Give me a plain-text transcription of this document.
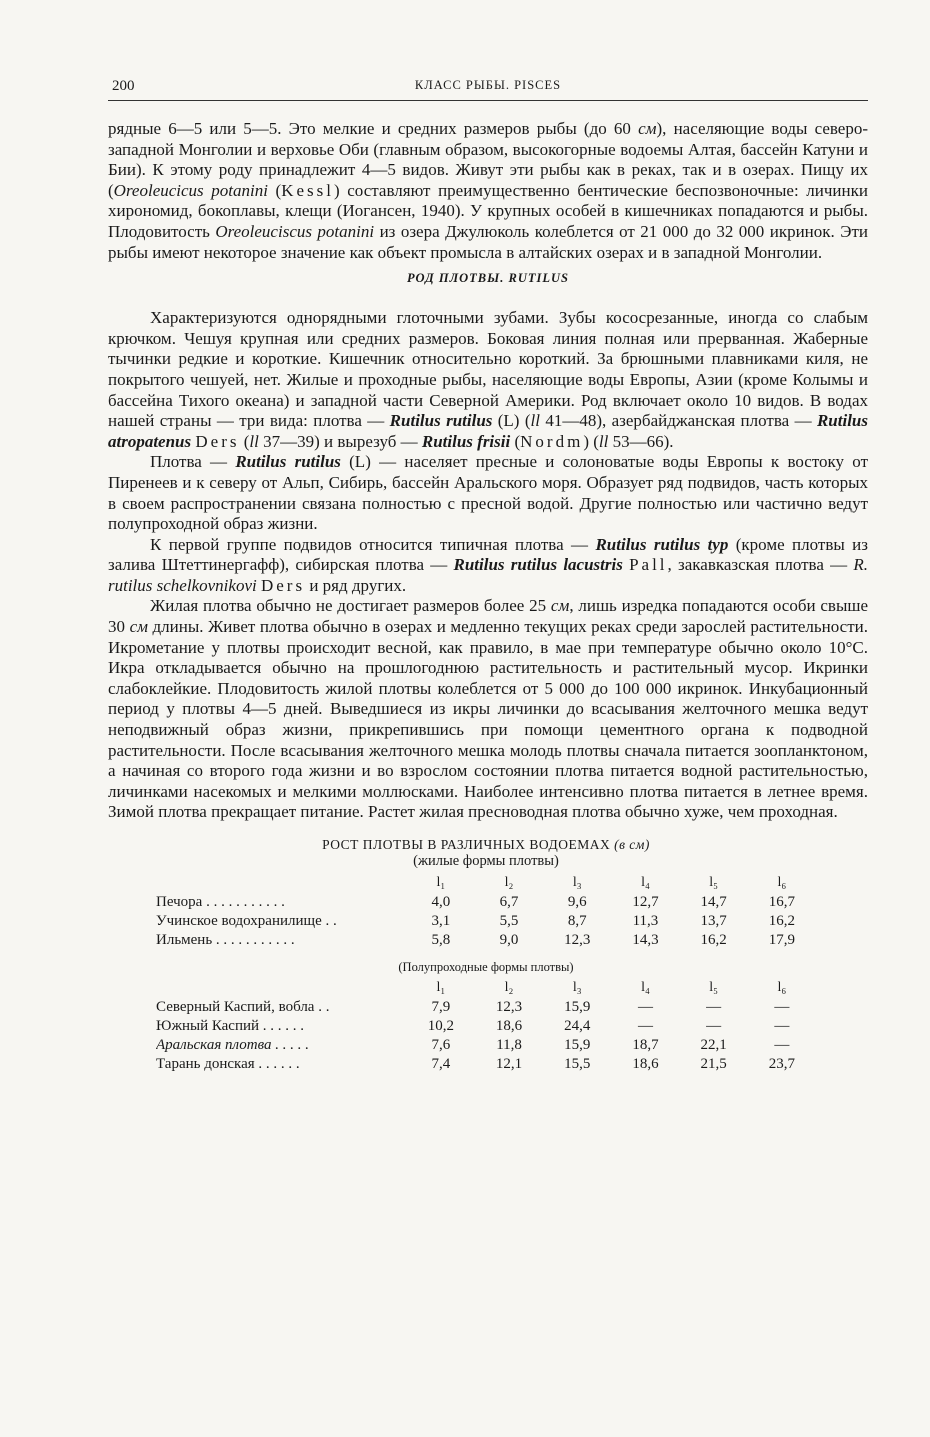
200	КЛАСС РЫБЫ. PISCES

рядные 6—5 или 5—5. Это мелкие и средних размеров рыбы (до 60 см), населяющие воды северо-западной Монголии и верховье Оби (главным образом, высокогорные водоемы Алтая, бассейн Катуни и Бии). К этому роду принадлежит 4—5 видов. Живут эти рыбы как в реках, так и в озерах. Пищу их (Oreoleucicus potanini (Kessl) составляют преимущественно бентические беспозвоночные: личинки хирономид, бокоплавы, клещи (Иогансен, 1940). У крупных особей в кишечниках попадаются и рыбы. Плодовитость Oreoleuciscus potanini из озера Джулюколь колеблется от 21 000 до 32 000 икринок. Эти рыбы имеют некоторое значение как объект промысла в алтайских озерах и в западной Монголии.

РОД ПЛОТВЫ. RUTILUS

Характеризуются однорядными глоточными зубами. Зубы кососрезанные, иногда со слабым крючком. Чешуя крупная или средних размеров. Боковая линия полная или прерванная. Жаберные тычинки редкие и короткие. Кишечник относительно короткий. За брюшными плавниками киля, не покрытого чешуей, нет. Жилые и проходные рыбы, населяющие воды Европы, Азии (кроме Колымы и бассейна Тихого океана) и западной части Северной Америки. Род включает около 10 видов. В водах нашей страны — три вида: плотва — Rutilus rutilus (L) (ll 41—48), азербайджанская плотва — Rutilus atropatenus Ders (ll 37—39) и вырезуб — Rutilus frisii (Nordm) (ll 53—66).

Плотва — Rutilus rutilus (L) — населяет пресные и солоноватые воды Европы к востоку от Пиренеев и к северу от Альп, Сибирь, бассейн Аральского моря. Образует ряд подвидов, часть которых в своем распространении связана полностью с пресной водой. Другие полностью или частично ведут полупроходной образ жизни.

К первой группе подвидов относится типичная плотва — Rutilus rutilus typ (кроме плотвы из залива Штеттинергафф), сибирская плотва — Rutilus rutilus lacustris Pall, закавказская плотва — R. rutilus schelkovnikovi Ders и ряд других.

Жилая плотва обычно не достигает размеров более 25 см, лишь изредка попадаются особи свыше 30 см длины. Живет плотва обычно в озерах и медленно текущих реках среди зарослей растительности. Икрометание у плотвы происходит весной, как правило, в мае при температуре обычно около 10°С. Икра откладывается обычно на прошлогоднюю растительность и растительный мусор. Икринки слабоклейкие. Плодовитость жилой плотвы колеблется от 5 000 до 100 000 икринок. Инкубационный период у плотвы 4—5 дней. Выведшиеся из икры личинки до всасывания желточного мешка ведут неподвижный образ жизни, прикрепившись при помощи цементного органа к подводной растительности. После всасывания желточного мешка молодь плотвы сначала питается зоопланктоном, а начиная со второго года жизни и во взрослом состоянии плотва питается водной растительностью, личинками насекомых и мелкими моллюсками. Наиболее интенсивно плотва питается в летнее время. Зимой плотва прекращает питание. Растет жилая пресноводная плотва обычно хуже, чем проходная.

РОСТ ПЛОТВЫ В РАЗЛИЧНЫХ ВОДОЕМАХ (в см)
(жилые формы плотвы)
	l₁	l₂	l₃	l₄	l₅	l₆
Печора . . . . . . . . . . .	4,0	6,7	9,6	12,7	14,7	16,7
Учинское водохранилище . .	3,1	5,5	8,7	11,3	13,7	16,2
Ильмень . . . . . . . . . . .	5,8	9,0	12,3	14,3	16,2	17,9
(Полупроходные формы плотвы)
	l₁	l₂	l₃	l₄	l₅	l₆
Северный Каспий, вобла . .	7,9	12,3	15,9	—	—	—
Южный Каспий . . . . . .	10,2	18,6	24,4	—	—	—
Аральская плотва . . . . .	7,6	11,8	15,9	18,7	22,1	—
Тарань донская . . . . . .	7,4	12,1	15,5	18,6	21,5	23,7
